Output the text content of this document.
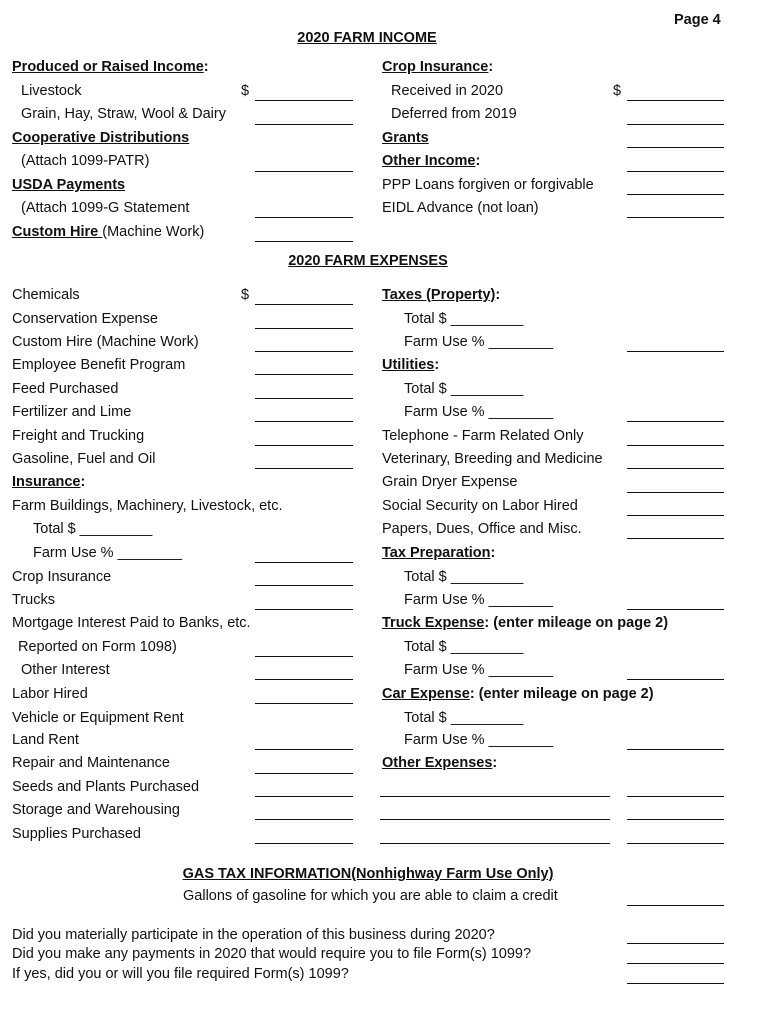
Page 4
2020 FARM INCOME
Produced or Raised Income:
Livestock	$
Grain, Hay, Straw, Wool & Dairy
Cooperative Distributions
(Attach 1099-PATR)
USDA Payments
(Attach 1099-G Statement
Custom Hire (Machine Work)
Crop Insurance:
Received in 2020	$
Deferred from 2019
Grants
Other Income:
PPP Loans forgiven or forgivable
EIDL Advance (not loan)
2020 FARM EXPENSES
Chemicals	$
Conservation Expense
Custom Hire (Machine Work)
Employee Benefit Program
Feed Purchased
Fertilizer and Lime
Freight and Trucking
Gasoline, Fuel and Oil
Insurance:
Farm Buildings, Machinery, Livestock, etc.
Total $ _________
Farm Use % ________
Crop Insurance
Trucks
Mortgage Interest Paid to Banks, etc.
Reported on Form 1098)
Other Interest
Labor Hired
Vehicle or Equipment Rent
Land Rent
Repair and Maintenance
Seeds and Plants Purchased
Storage and Warehousing
Supplies Purchased
Taxes (Property):
Total $ _________
Farm Use % ________
Utilities:
Total $ _________
Farm Use % ________
Telephone - Farm Related Only
Veterinary, Breeding and Medicine
Grain Dryer Expense
Social Security on Labor Hired
Papers, Dues, Office and Misc.
Tax Preparation:
Total $ _________
Farm Use % ________
Truck Expense: (enter mileage on page 2)
Total $ _________
Farm Use % ________
Car Expense: (enter mileage on page 2)
Total $ _________
Farm Use % ________
Other Expenses:
GAS TAX INFORMATION(Nonhighway Farm Use Only)
Gallons of gasoline for which you are able to claim a credit
Did you materially participate in the operation of this business during 2020?
Did you make any payments in 2020 that would require you to file Form(s) 1099?
If yes, did you or will you file required Form(s) 1099?
